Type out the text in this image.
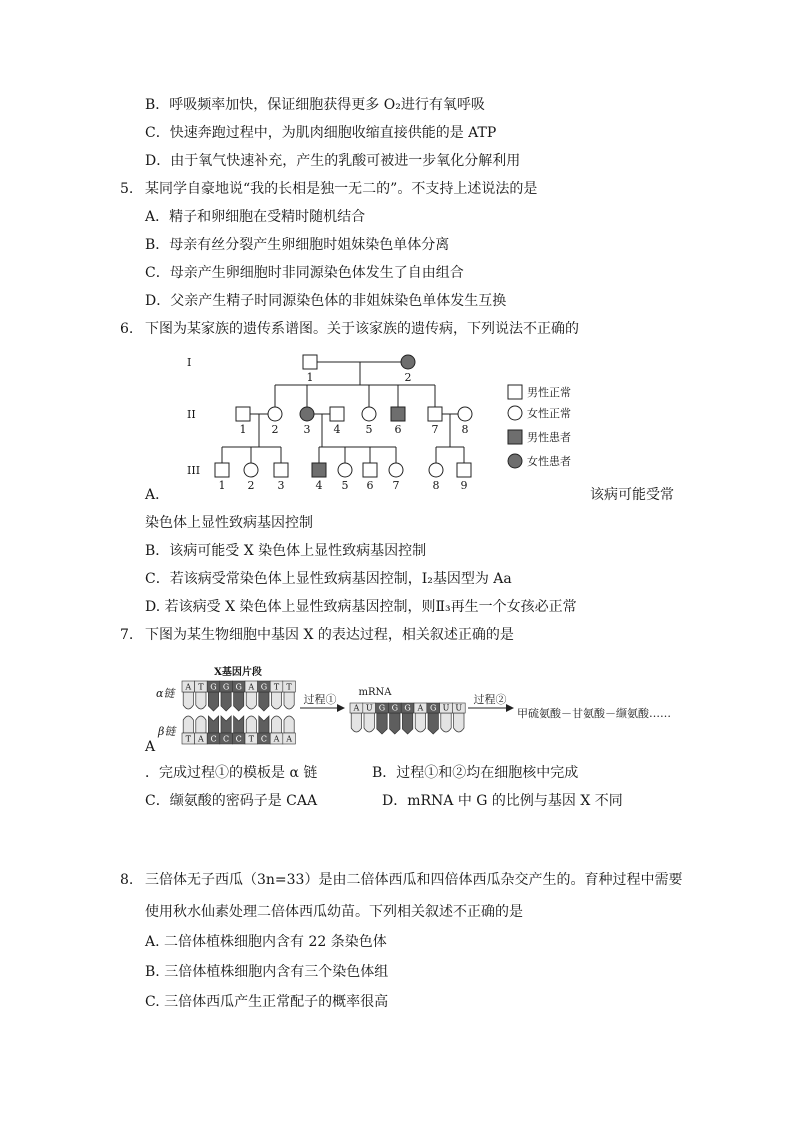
B．呼吸频率加快，保证细胞获得更多 O₂进行有氧呼吸
C．快速奔跑过程中，为肌肉细胞收缩直接供能的是 ATP
D．由于氧气快速补充，产生的乳酸可被进一步氧化分解利用
5. 某同学自豪地说“我的长相是独一无二的”。不支持上述说法的是
A．精子和卵细胞在受精时随机结合
B．母亲有丝分裂产生卵细胞时姐妹染色单体分离
C．母亲产生卵细胞时非同源染色体发生了自由组合
D．父亲产生精子时同源染色体的非姐妹染色单体发生互换
6. 下图为某家族的遗传系谱图。关于该家族的遗传病，下列说法不正确的
I
1	2
II
1 2 3 4 5 6	7 8
III
1 2 3	4 5 6 7	8 9
男性正常
女性正常
男性患者
女性患者
A．	该病可能受常
染色体上显性致病基因控制
B．该病可能受 X 染色体上显性致病基因控制
C．若该病受常染色体上显性致病基因控制，Ⅰ₂基因型为 Aa
D. 若该病受 X 染色体上显性致病基因控制，则Ⅱ₃再生一个女孩必正常
7. 下图为某生物细胞中基因 X 的表达过程，相关叙述正确的是
X基因片段
α链
β链
A T G G G A G T T
T A C C C T C A A
过程①
mRNA
A U G G G A G U U
过程②
甲硫氨酸－甘氨酸－缬氨酸……
A
．完成过程①的模板是 α 链	B．过程①和②均在细胞核中完成
C．缬氨酸的密码子是 CAA	D．mRNA 中 G 的比例与基因 X 不同
8. 三倍体无子西瓜（3n=33）是由二倍体西瓜和四倍体西瓜杂交产生的。育种过程中需要
使用秋水仙素处理二倍体西瓜幼苗。下列相关叙述不正确的是
A. 二倍体植株细胞内含有 22 条染色体
B. 三倍体植株细胞内含有三个染色体组
C. 三倍体西瓜产生正常配子的概率很高
